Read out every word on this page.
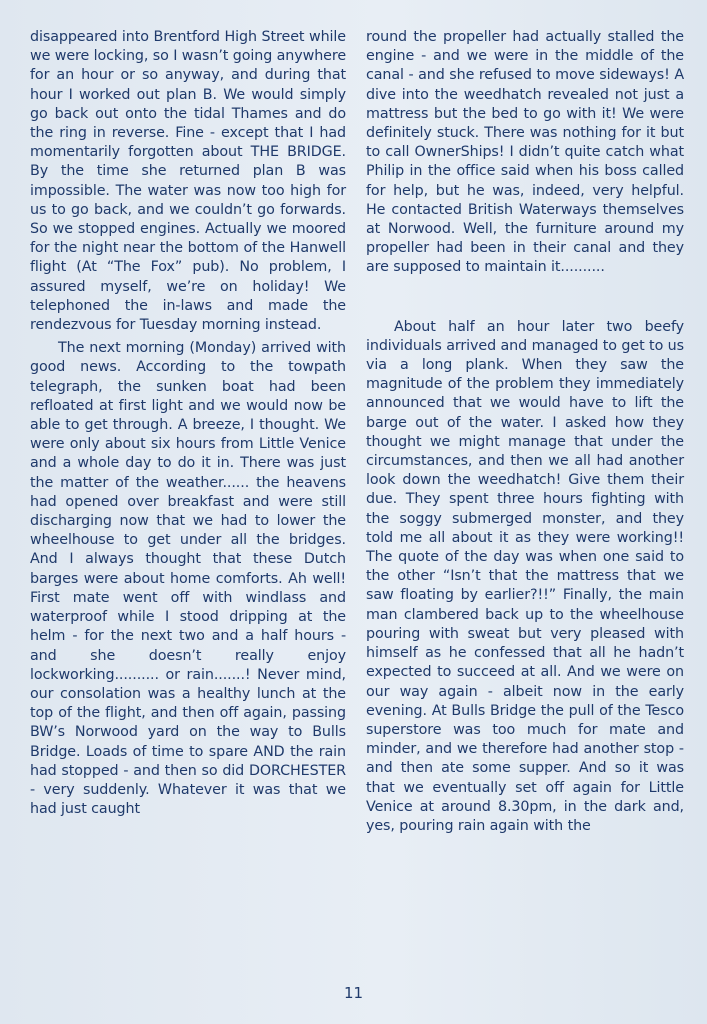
disappeared into Brentford High Street while we were locking, so I wasn’t going anywhere for an hour or so anyway, and during that hour I worked out plan B. We would simply go back out onto the tidal Thames and do the ring in reverse. Fine - except that I had momentarily forgotten about THE BRIDGE. By the time she returned plan B was impossible. The water was now too high for us to go back, and we couldn’t go forwards. So we stopped engines. Actually we moored for the night near the bottom of the Hanwell flight (At “The Fox” pub). No problem, I assured myself, we’re on holiday! We telephoned the in-laws and made the rendezvous for Tuesday morning instead.

The next morning (Monday) arrived with good news. According to the towpath telegraph, the sunken boat had been refloated at first light and we would now be able to get through. A breeze, I thought. We were only about six hours from Little Venice and a whole day to do it in. There was just the matter of the weather...... the heavens had opened over breakfast and were still discharging now that we had to lower the wheelhouse to get under all the bridges. And I always thought that these Dutch barges were about home comforts. Ah well! First mate went off with windlass and waterproof while I stood dripping at the helm - for the next two and a half hours - and she doesn’t really enjoy lockworking.......... or rain.......! Never mind, our consolation was a healthy lunch at the top of the flight, and then off again, passing BW’s Norwood yard on the way to Bulls Bridge. Loads of time to spare AND the rain had stopped - and then so did DORCHESTER - very suddenly. Whatever it was that we had just caught

round the propeller had actually stalled the engine - and we were in the middle of the canal - and she refused to move sideways! A dive into the weedhatch revealed not just a mattress but the bed to go with it! We were definitely stuck. There was nothing for it but to call OwnerShips! I didn’t quite catch what Philip in the office said when his boss called for help, but he was, indeed, very helpful. He contacted British Waterways themselves at Norwood. Well, the furniture around my propeller had been in their canal and they are supposed to maintain it..........

About half an hour later two beefy individuals arrived and managed to get to us via a long plank. When they saw the magnitude of the problem they immediately announced that we would have to lift the barge out of the water. I asked how they thought we might manage that under the circumstances, and then we all had another look down the weedhatch! Give them their due. They spent three hours fighting with the soggy submerged monster, and they told me all about it as they were working!! The quote of the day was when one said to the other “Isn’t that the mattress that we saw floating by earlier?!!” Finally, the main man clambered back up to the wheelhouse pouring with sweat but very pleased with himself as he confessed that all he hadn’t expected to succeed at all. And we were on our way again - albeit now in the early evening. At Bulls Bridge the pull of the Tesco superstore was too much for mate and minder, and we therefore had another stop - and then ate some supper. And so it was that we eventually set off again for Little Venice at around 8.30pm, in the dark and, yes, pouring rain again with the

11
